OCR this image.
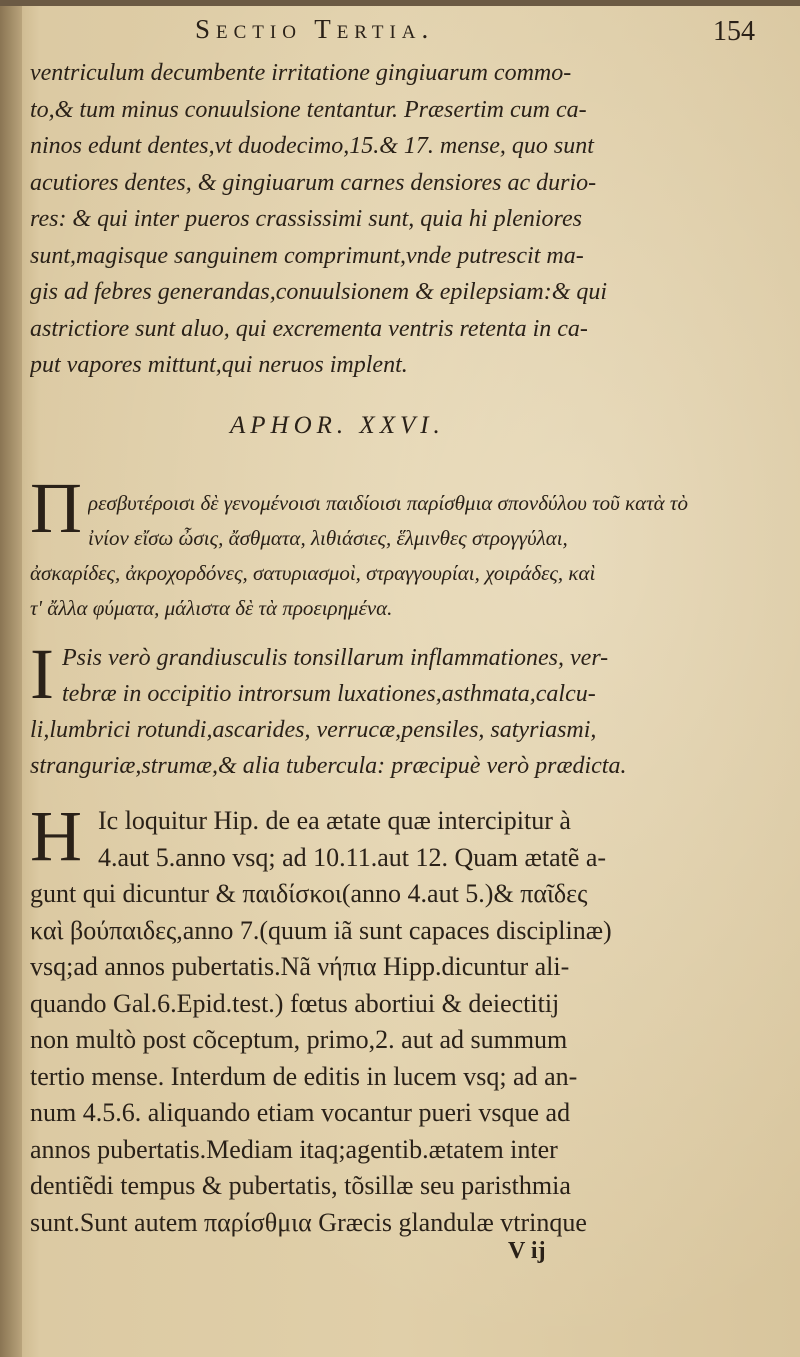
Sectio Tertia.	154
ventriculum decumbente irritatione gingiuarum commo-
to,& tum minus conuulsione tentantur. Præsertim cum ca-
ninos edunt dentes,vt duodecimo,15.& 17. mense, quo sunt
acutiores dentes, & gingiuarum carnes densiores ac durio-
res: & qui inter pueros crassissimi sunt, quia hi pleniores
sunt,magisque sanguinem comprimunt,vnde putrescit ma-
gis ad febres generandas,conuulsionem & epilepsiam:& qui
astrictiore sunt aluo, qui excrementa ventris retenta in ca-
put vapores mittunt,qui neruos implent.
APHOR. XXVI.
Π ρεσβυτέροισι δὲ γενομένοισι παιδίοισι παρίσθμια σπονδύλου τοῦ κατὰ τὸ
ἰνίον εἴσω ὦσις, ἄσθματα, λιθιάσιες, ἕλμινθες στρογγύλαι,
ἀσκαρίδες, ἀκροχορδόνες, σατυριασμοὶ, στραγγουρίαι, χοιράδες, καὶ
τ' ἄλλα φύματα, μάλιστα δὲ τὰ προειρημένα.
I Psis verò grandiusculis tonsillarum inflammationes, ver-
tebræ in occipitio introrsum luxationes,asthmata,calcu-
li,lumbrici rotundi,ascarides, verrucæ,pensiles, satyriasmi,
stranguriæ,strumæ,& alia tubercula: præcipuè verò prædicta.
H Ic loquitur Hip. de ea ætate quæ intercipitur à
4.aut 5.anno vsq; ad 10.11.aut 12. Quam ætatẽ a-
gunt qui dicuntur & παιδίσκοι(anno 4.aut 5.)& παῖδες
καὶ βούπαιδες,anno 7.(quum iã sunt capaces disciplinæ)
vsq;ad annos pubertatis.Nã νήπια Hipp.dicuntur ali-
quando Gal.6.Epid.test.) fœtus abortiui & deiectitij
non multò post cõceptum, primo,2. aut ad summum
tertio mense. Interdum de editis in lucem vsq; ad an-
num 4.5.6. aliquando etiam vocantur pueri vsque ad
annos pubertatis.Mediam itaq;agentib.ætatem inter
dentiẽdi tempus & pubertatis, tõsillæ seu paristhmia
sunt.Sunt autem παρίσθμια Græcis glandulæ vtrinque
V ij
